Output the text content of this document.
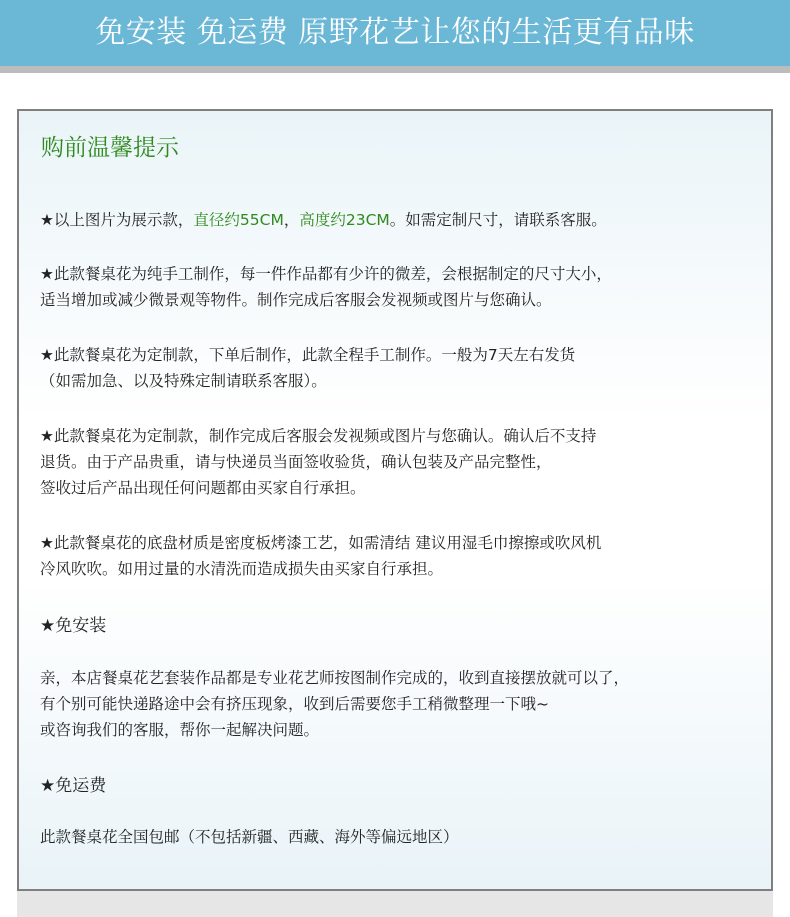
免安装 免运费 原野花艺让您的生活更有品味
购前温馨提示
★以上图片为展示款，直径约55CM，高度约23CM。如需定制尺寸，请联系客服。
★此款餐桌花为纯手工制作，每一件作品都有少许的微差，会根据制定的尺寸大小，
适当增加或减少微景观等物件。制作完成后客服会发视频或图片与您确认。
★此款餐桌花为定制款，下单后制作，此款全程手工制作。一般为7天左右发货
（如需加急、以及特殊定制请联系客服）。
★此款餐桌花为定制款，制作完成后客服会发视频或图片与您确认。确认后不支持
退货。由于产品贵重，请与快递员当面签收验货，确认包装及产品完整性，
签收过后产品出现任何问题都由买家自行承担。
★此款餐桌花的底盘材质是密度板烤漆工艺，如需清结 建议用湿毛巾擦擦或吹风机
冷风吹吹。如用过量的水清洗而造成损失由买家自行承担。
★免安装
亲，本店餐桌花艺套装作品都是专业花艺师按图制作完成的，收到直接摆放就可以了，
有个别可能快递路途中会有挤压现象，收到后需要您手工稍微整理一下哦~
或咨询我们的客服，帮你一起解决问题。
★免运费
此款餐桌花全国包邮（不包括新疆、西藏、海外等偏远地区）
